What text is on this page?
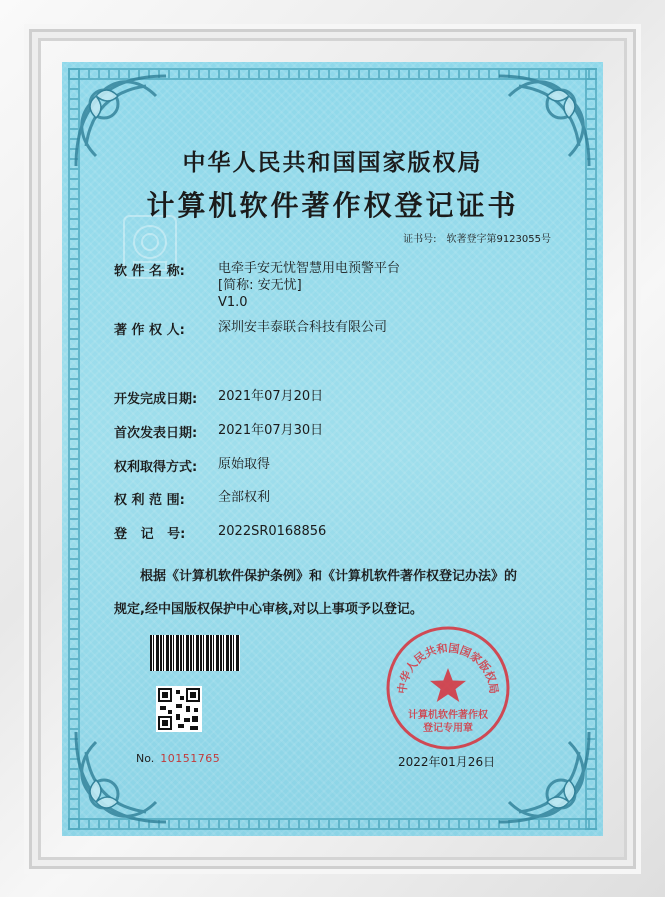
中华人民共和国国家版权局
计算机软件著作权登记证书
证书号: 软著登字第9123055号
软 件 名 称:	电牵手安无忧智慧用电预警平台
[简称: 安无忧]
V1.0
著 作 权 人:	深圳安丰泰联合科技有限公司
开发完成日期: 2021年07月20日
首次发表日期: 2021年07月30日
权利取得方式: 原始取得
权 利 范 围:	全部权利
登   记   号:	2022SR0168856
根据《计算机软件保护条例》和《计算机软件著作权登记办法》的
规定,经中国版权保护中心审核,对以上事项予以登记。
No. 10151765
中华人民共和国国家版权局
计算机软件著作权
登记专用章
2022年01月26日
